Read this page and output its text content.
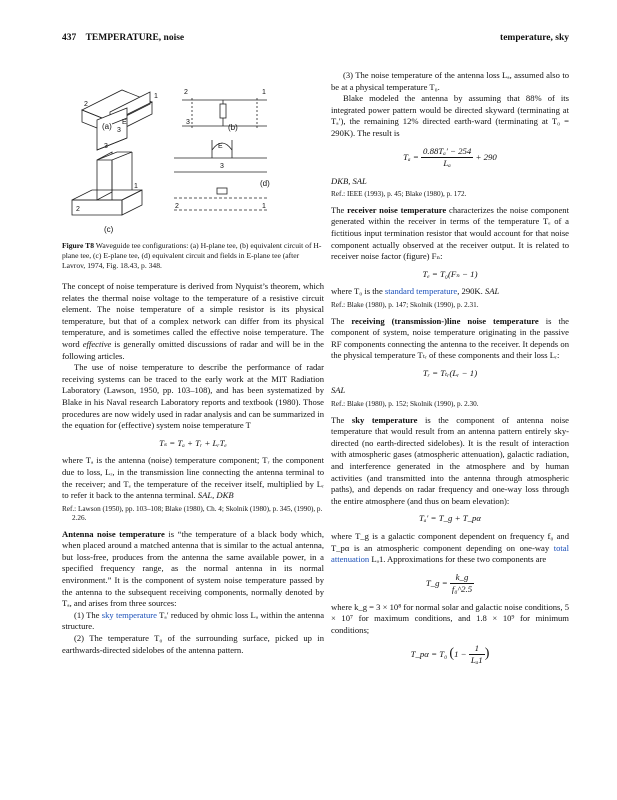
437 TEMPERATURE, noise	temperature, sky
1
2
3
E
(a)
2	1
3
(b)
3
1
2
(c)
E
3
2	1
(d)

Figure T8 Waveguide tee configurations: (a) H-plane tee, (b) equivalent circuit of H-plane tee, (c) E-plane tee, (d) equivalent circuit and fields in E-plane tee (after Lavrov, 1974, Fig. 18.43, p. 348.

The concept of noise temperature is derived from Nyquist’s theorem, which relates the thermal noise voltage to the temperature of a resistive circuit element. The noise temperature of a simple resistor is its physical temperature, but that of a complex network can differ from its physical temperature, and is sometimes called the effective noise temperature. The word effective is generally omitted discussions of radar and will be in the following articles.

The use of noise temperature to describe the performance of radar receiving systems can be traced to the early work at the MIT Radiation Laboratory (Lawson, 1950, pp. 103–108), and has been systematized by Blake in his Naval research Laboratory reports and textbook (1980). Those procedures are now widely used in radar analysis and can be summarized in the equation for (effective) system noise temperature T

Tₛ = Tₐ + Tᵣ + LᵣTₑ

where Tₐ is the antenna (noise) temperature component; Tᵣ the component due to loss, Lᵣ, in the transmission line connecting the antenna terminal to the receiver; and Tₑ the temperature of the receiver itself, multiplied by Lᵣ to refer it back to the antenna terminal. SAL, DKB

Ref.: Lawson (1950), pp. 103–108; Blake (1980), Ch. 4; Skolnik (1980), p. 345, (1990), p. 2.26.

Antenna noise temperature is “the temperature of a black body which, when placed around a matched antenna that is similar to the actual antenna, but loss-free, produces from the antenna the same available power, in a specified frequency range, as the normal antenna in its normal environment.” It is the component of system noise temperature passed by the antenna to the subsequent receiving components, normally denoted by Tₐ, and arises from three sources:

(1) The sky temperature Tₐ′ reduced by ohmic loss Lₐ within the antenna structure.

(2) The temperature T₀ of the surrounding surface, picked up in earthwards-directed sidelobes of the antenna pattern.

(3) The noise temperature of the antenna loss Lₐ, assumed also to be at a physical temperature T₀.

Blake modeled the antenna by assuming that 88% of its integrated power pattern would be directed skyward (terminating at Tₐ′), the remaining 12% directed earth-ward (terminating at T₀ = 290K). The result is

$T_a = \frac{\text{0.88Tₐ′ − 254}}{\text{Lₐ}} + 290$

DKB, SAL

Ref.: IEEE (1993), p. 45; Blake (1980), p. 172.

The receiver noise temperature characterizes the noise component generated within the receiver in terms of the temperature Tₑ of a fictitious input termination resistor that would account for that noise component actually observed at the receiver output. It is related to receiver noise factor (figure) Fₙ:

Tₑ = T₀(Fₙ − 1)

where T₀ is the standard temperature, 290K. SAL

Ref.: Blake (1980), p. 147; Skolnik (1990), p. 2.31.

The receiving (transmission-)line noise temperature is the component of system, noise temperature originating in the passive RF components connecting the antenna to the receiver. It depends on the physical temperature Tₜᵣ of these components and their loss Lᵣ:

Tᵣ = Tₜᵣ(Lᵣ − 1)

SAL

Ref.: Blake (1980), p. 152; Skolnik (1990), p. 2.30.

The sky temperature is the component of antenna noise temperature that would result from an antenna pattern entirely sky-directed (no earth-directed sidelobes). It is the result of interaction with atmospheric gases (atmospheric attenuation), galactic radiation, and interference generated in the atmosphere and by human activities (and transmitted into the antenna through atmospheric paths), and depends on radar frequency and one-way loss through the entire atmosphere (and thus on beam elevation):

Tₐ′ = T_g + T_pα

where T_g is a galactic component dependent on frequency f₀ and T_pα is an atmospheric component depending on one-way total attenuation Lₐ1. Approximations for these two components are

T_g = $\frac{k\_g}{\text{f₀\textasciicircum{}2.5}}$

where k_g = 3 × 10⁸ for normal solar and galactic noise conditions, 5 × 10⁷ for maximum conditions, and 1.8 × 10⁹ for minimum conditions;

T_pα = T₀ ($1 - \frac{1}{\text{Lₐ1}}$ )
